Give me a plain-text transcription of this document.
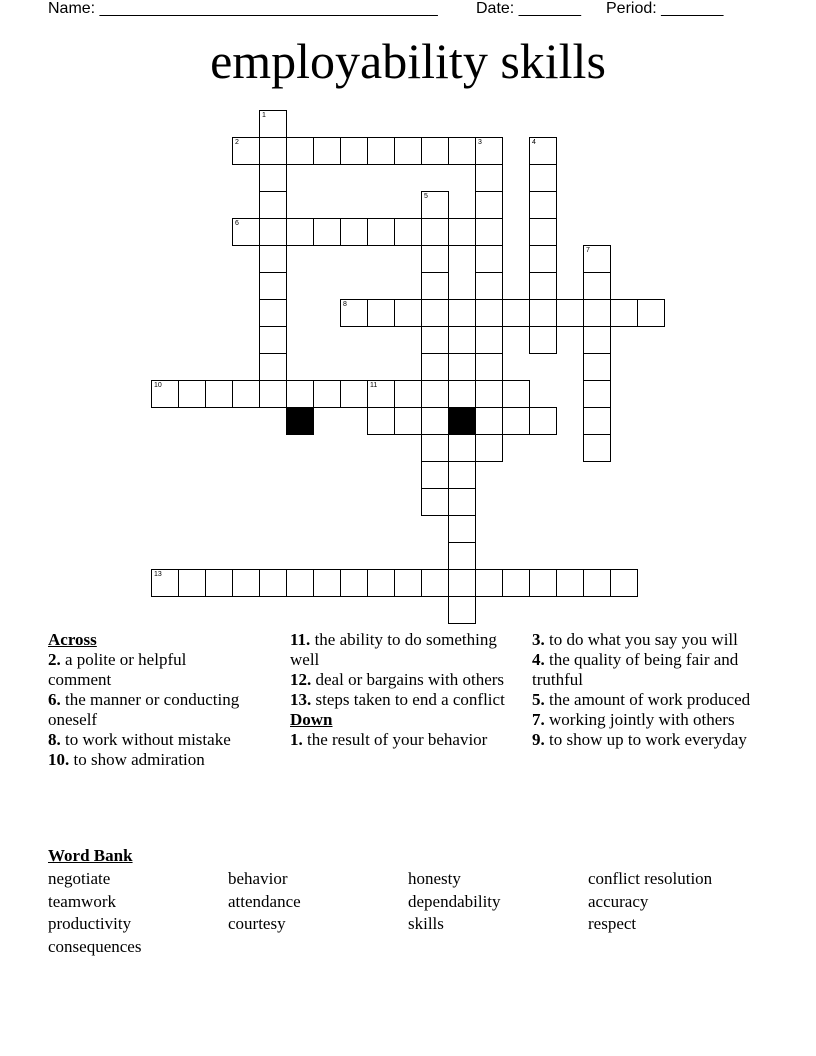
Name: ______________________________________ Date: _______ Period: _______
employability skills
1
2	3	4
5
6
8
7
10	11
13
Across
2. a polite or helpful comment
6. the manner or conducting oneself
8. to work without mistake
10. to show admiration
11. the ability to do something well
12. deal or bargains with others
13. steps taken to end a conflict
Down
1. the result of your behavior
3. to do what you say you will
4. the quality of being fair and truthful
5. the amount of work produced
7. working jointly with others
9. to show up to work everyday
Word Bank
negotiate	behavior	honesty	conflict resolution
teamwork	attendance	dependability	accuracy
productivity	courtesy	skills	respect
consequences
